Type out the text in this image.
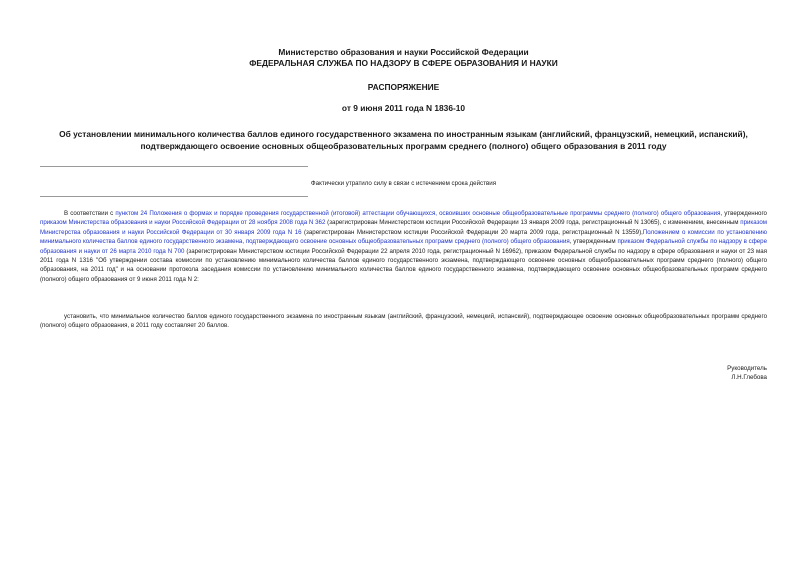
Министерство образования и науки Российской Федерации
ФЕДЕРАЛЬНАЯ СЛУЖБА ПО НАДЗОРУ В СФЕРЕ ОБРАЗОВАНИЯ И НАУКИ
РАСПОРЯЖЕНИЕ
от 9 июня 2011 года N 1836-10
Об установлении минимального количества баллов единого государственного экзамена по иностранным языкам (английский, французский, немецкий, испанский), подтверждающего освоение основных общеобразовательных программ среднего (полного) общего образования в 2011 году
Фактически утратило силу в связи с истечением срока действия

В соответствии с пунктом 24 Положения о формах и порядке проведения государственной (итоговой) аттестации обучающихся, освоивших основные общеобразовательные программы среднего (полного) общего образования, утвержденного приказом Министерства образования и науки Российской Федерации от 28 ноября 2008 года N 362 (зарегистрирован Министерством юстиции Российской Федерации 13 января 2009 года, регистрационный N 13065), с изменением, внесенным приказом Министерства образования и науки Российской Федерации от 30 января 2009 года N 16 (зарегистрирован Министерством юстиции Российской Федерации 20 марта 2009 года, регистрационный N 13559),Положением о комиссии по установлению минимального количества баллов единого государственного экзамена, подтверждающего освоение основных общеобразовательных программ среднего (полного) общего образования, утвержденным приказом Федеральной службы по надзору в сфере образования и науки от 26 марта 2010 года N 700 (зарегистрирован Министерством юстиции Российской Федерации 22 апреля 2010 года, регистрационный N 16962), приказом Федеральной службы по надзору в сфере образования и науки от 23 мая 2011 года N 1316 "Об утверждении состава комиссии по установлению минимального количества баллов единого государственного экзамена, подтверждающего освоение основных общеобразовательных программ среднего (полного) общего образования, на 2011 год" и на основании протокола заседания комиссии по установлению минимального количества баллов единого государственного экзамена, подтверждающего освоение основных общеобразовательных программ среднего (полного) общего образования от 9 июня 2011 года N 2:

установить, что минимальное количество баллов единого государственного экзамена по иностранным языкам (английский, французский, немецкий, испанский), подтверждающее освоение основных общеобразовательных программ среднего (полного) общего образования, в 2011 году составляет 20 баллов.

Руководитель
Л.Н.Глебова
